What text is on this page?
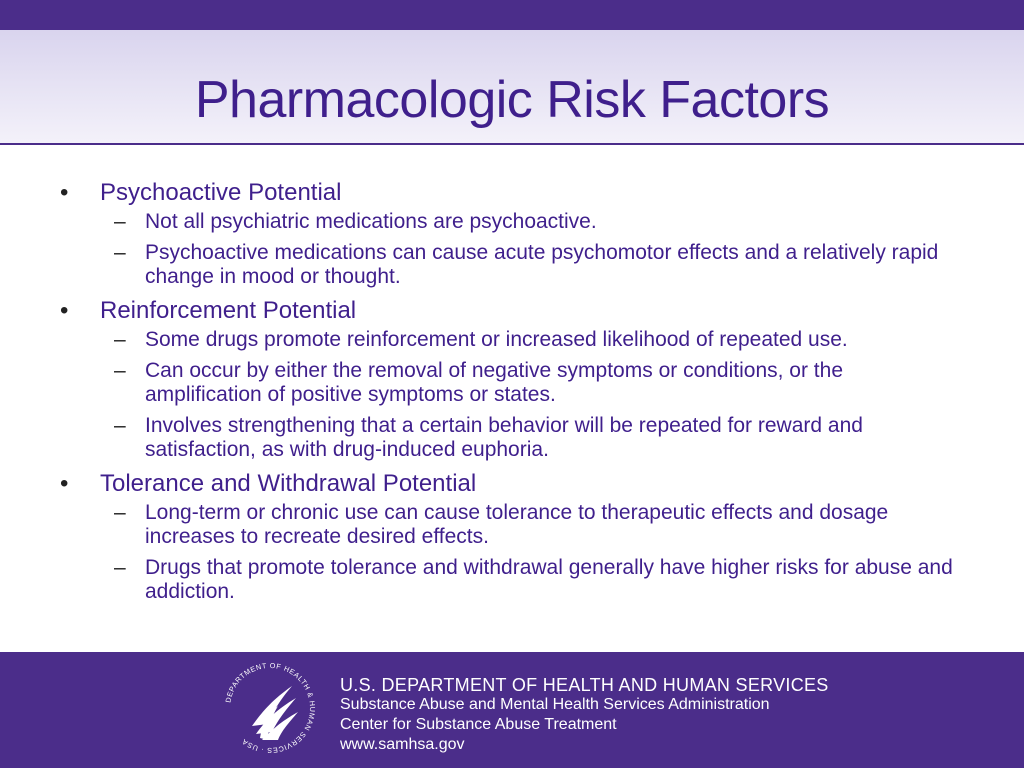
Pharmacologic Risk Factors
• Psychoactive Potential
– Not all psychiatric medications are psychoactive.
– Psychoactive medications can cause acute psychomotor effects and a relatively rapid change in mood or thought.
• Reinforcement Potential
– Some drugs promote reinforcement or increased likelihood of repeated use.
– Can occur by either the removal of negative symptoms or conditions, or the amplification of positive symptoms or states.
– Involves strengthening that a certain behavior will be repeated for reward and satisfaction, as with drug-induced euphoria.
• Tolerance and Withdrawal Potential
– Long-term or chronic use can cause tolerance to therapeutic effects and dosage increases to recreate desired effects.
– Drugs that promote tolerance and withdrawal generally have higher risks for abuse and addiction.
DEPARTMENT OF HEALTH & HUMAN SERVICES · USA
U.S. DEPARTMENT OF HEALTH AND HUMAN SERVICES
Substance Abuse and Mental Health Services Administration
Center for Substance Abuse Treatment
www.samhsa.gov
